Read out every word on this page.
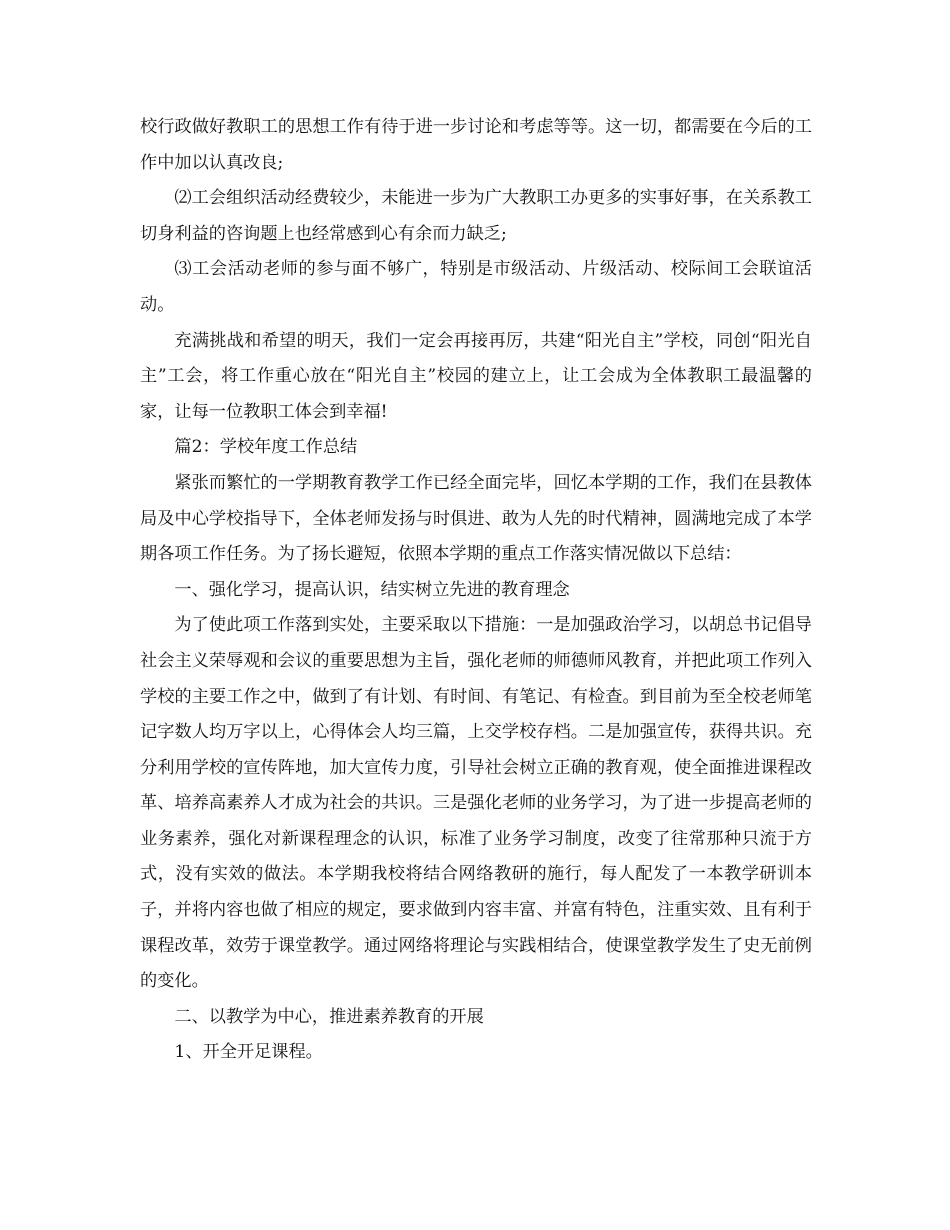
校行政做好教职工的思想工作有待于进一步讨论和考虑等等。这一切，都需要在今后的工作中加以认真改良;

⑵工会组织活动经费较少，未能进一步为广大教职工办更多的实事好事，在关系教工切身利益的咨询题上也经常感到心有余而力缺乏;

⑶工会活动老师的参与面不够广，特别是市级活动、片级活动、校际间工会联谊活动。

充满挑战和希望的明天，我们一定会再接再厉，共建“阳光自主”学校，同创“阳光自主”工会，将工作重心放在“阳光自主”校园的建立上，让工会成为全体教职工最温馨的家，让每一位教职工体会到幸福!

篇2：学校年度工作总结

紧张而繁忙的一学期教育教学工作已经全面完毕，回忆本学期的工作，我们在县教体局及中心学校指导下，全体老师发扬与时俱进、敢为人先的时代精神，圆满地完成了本学期各项工作任务。为了扬长避短，依照本学期的重点工作落实情况做以下总结：

一、强化学习，提高认识，结实树立先进的教育理念

为了使此项工作落到实处，主要采取以下措施：一是加强政治学习，以胡总书记倡导社会主义荣辱观和会议的重要思想为主旨，强化老师的师德师风教育，并把此项工作列入学校的主要工作之中，做到了有计划、有时间、有笔记、有检查。到目前为至全校老师笔记字数人均万字以上，心得体会人均三篇，上交学校存档。二是加强宣传，获得共识。充分利用学校的宣传阵地，加大宣传力度，引导社会树立正确的教育观，使全面推进课程改革、培养高素养人才成为社会的共识。三是强化老师的业务学习，为了进一步提高老师的业务素养，强化对新课程理念的认识，标准了业务学习制度，改变了往常那种只流于方式，没有实效的做法。本学期我校将结合网络教研的施行，每人配发了一本教学研训本子，并将内容也做了相应的规定，要求做到内容丰富、并富有特色，注重实效、且有利于课程改革，效劳于课堂教学。通过网络将理论与实践相结合，使课堂教学发生了史无前例的变化。

二、以教学为中心，推进素养教育的开展

1、开全开足课程。
